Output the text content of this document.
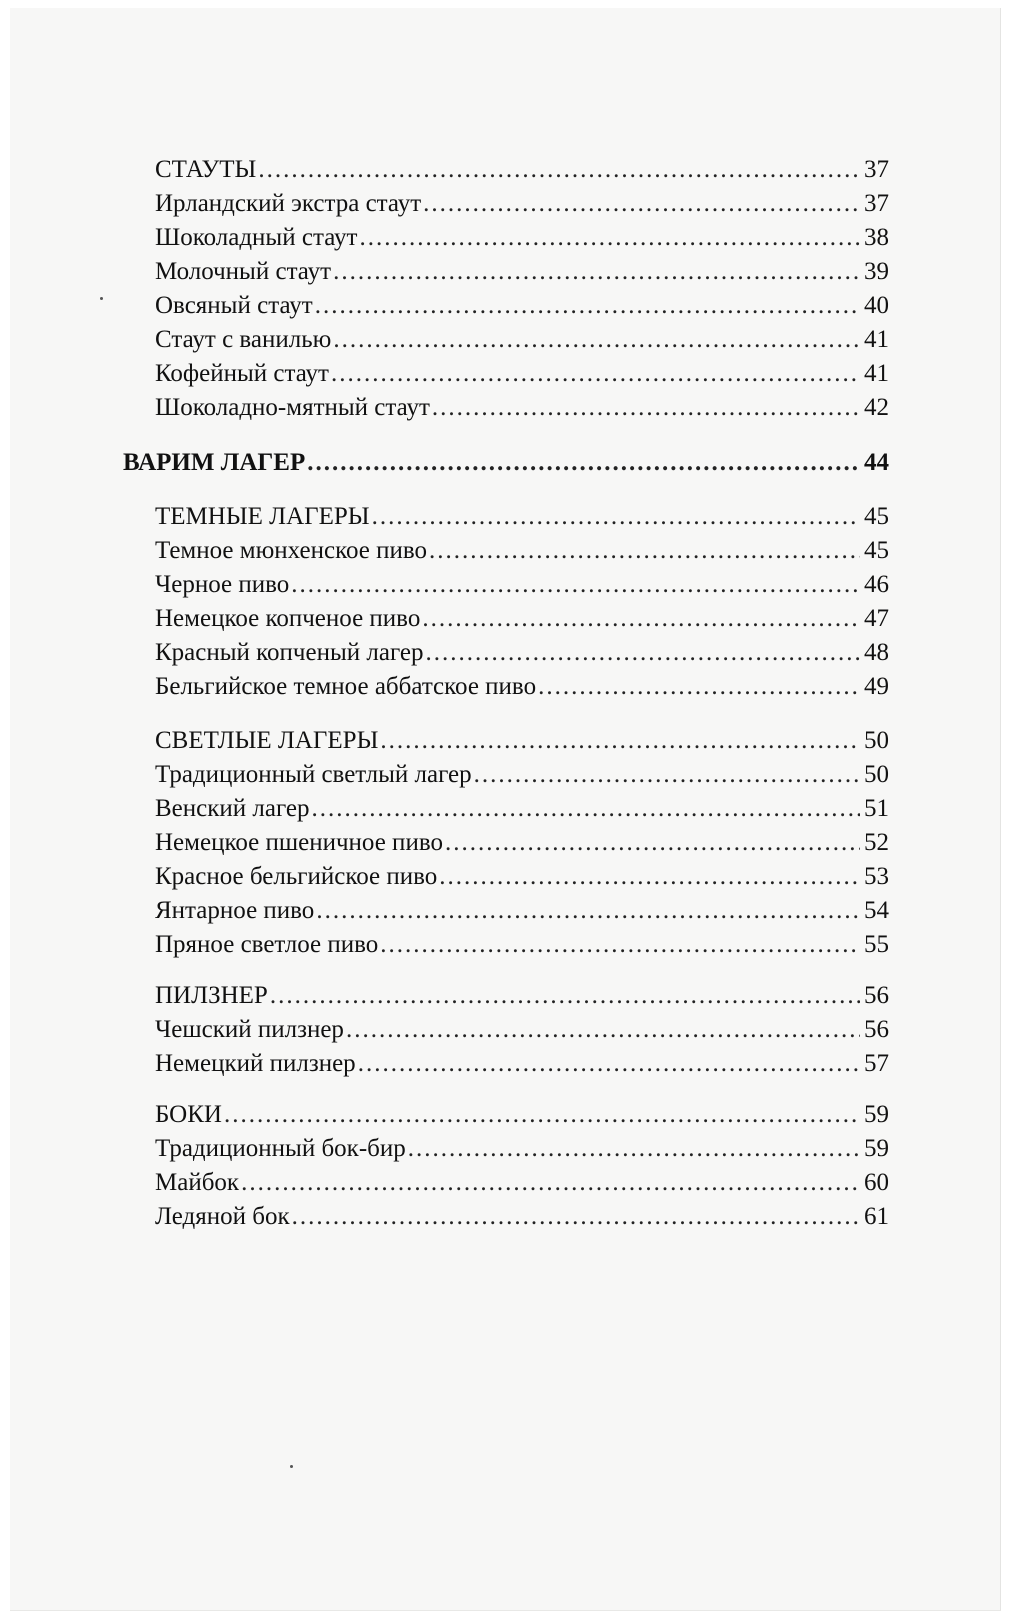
СТАУТЫ .....	37
Ирландский экстра стаут .....	37
Шоколадный стаут .....	38
Молочный стаут .....	39
Овсяный стаут .....	40
Стаут с ванилью .....	41
Кофейный стаут .....	41
Шоколадно-мятный стаут .....	42
ВАРИМ ЛАГЕР .....	44
ТЕМНЫЕ ЛАГЕРЫ .....	45
Темное мюнхенское пиво .....	45
Черное пиво .....	46
Немецкое копченое пиво .....	47
Красный копченый лагер .....	48
Бельгийское темное аббатское пиво .....	49
СВЕТЛЫЕ ЛАГЕРЫ .....	50
Традиционный светлый лагер .....	50
Венский лагер .....	51
Немецкое пшеничное пиво .....	52
Красное бельгийское пиво .....	53
Янтарное пиво .....	54
Пряное светлое пиво .....	55
ПИЛЗНЕР .....	56
Чешский пилзнер .....	56
Немецкий пилзнер .....	57
БОКИ .....	59
Традиционный бок-бир .....	59
Майбок .....	60
Ледяной бок .....	61
